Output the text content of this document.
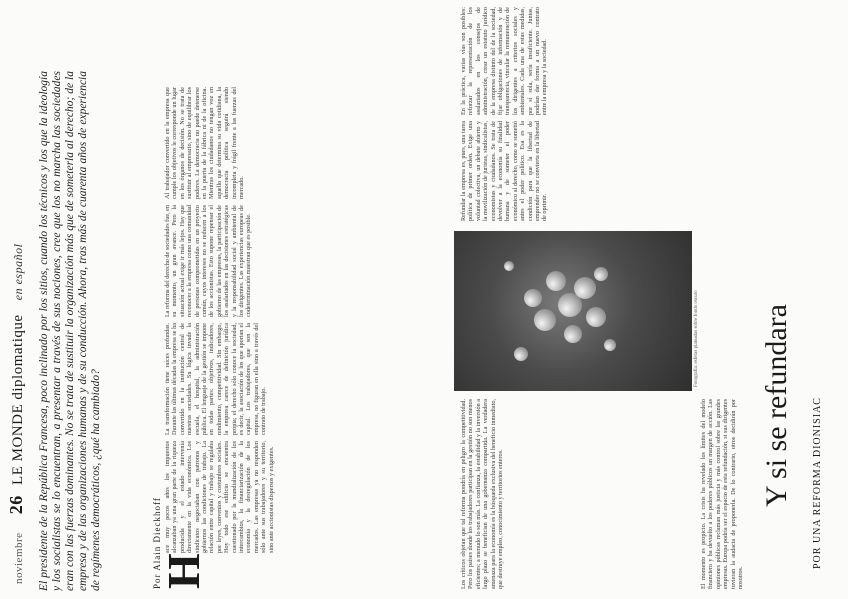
noviembre 26 LE MONDE diplomatique en español	El presidente de la República Francesa, poco inclinado por los sitios, cuando los técnicos y los que la ideología y los socialistas se lo encuentran, a presentar a través de sus nociones, cree que los no marcha las sociedades eran con las fuerzas dominantes. No se trata de sustituir la organización más que de someterla al derecho; de la empresa y de las organizaciones humanas y de su conducción. Ahora, tras más de cuarenta años de experiencia de regímenes democráticos, ¿qué ha cambiado?	Por Alain Dieckhoff
H
ace muy pocos años los impuestos alcanzaban ya una gran parte de la riqueza producida y el estado intervenía directamente en la vida económica. Los sindicatos negociaban con patronos y gobiernos las condiciones de trabajo. La relación entre capital y trabajo se regulaba por leyes, convenios y costumbres sociales. Hoy todo ese edificio se encuentra cuestionado por la mundialización de los intercambios, la financiarización de la economía y la desregulación de los mercados. Las empresas ya no responden sólo ante sus trabajadores y su territorio, sino ante accionistas dispersos y exigentes.
La transformación tiene raíces profundas. Durante las últimas décadas la empresa se ha convertido en la institución central de nuestras sociedades. Su lógica invade la escuela, el hospital, la administración pública. El lenguaje de la gestión se impone en todas partes: objetivos, indicadores, rendimiento, competitividad. Sin embargo, la empresa carece de definición jurídica propia; el derecho sólo conoce la sociedad, es decir, la asociación de los que aportan el capital. Los trabajadores, que son la empresa, no figuran en ella sino a través del contrato de trabajo.
La reforma del derecho de sociedades fue, en su momento, un gran avance. Pero la situación actual exige ir más lejos. Hay que reconocer a la empresa como una comunidad de personas comprometidas en un proyecto común, cuyos intereses no se reducen a los de los accionistas. Esto supone repensar el gobierno de las empresas, la participación de los asalariados en las decisiones estratégicas y la responsabilidad social y ambiental de los dirigentes. Las experiencias europeas de codeterminación muestran que es posible.
Al trabajador convertido en la empresa que cumple los objetivos le corresponde un lugar en los órganos de decisión. No se trata de sustituir al empresario, sino de equilibrar los poderes. La democracia no puede detenerse en la puerta de la fábrica ni de la oficina. Mientras los ciudadanos no tengan voz en aquello que determina su vida cotidiana, la democracia política seguirá siendo incompleta y frágil frente a las fuerzas del mercado.
Los críticos objetan que tal reforma pondría en peligro la competitividad. Pero los países donde los trabajadores participan en la gestión no son menos eficientes; a menudo lo son más. La confianza, la estabilidad y la inversión a largo plazo se benefician de una gobernanza compartida. La verdadera amenaza para la economía es la búsqueda exclusiva del beneficio inmediato, que destruye empleo, conocimiento y territorios enteros.
Refundar la empresa es, pues, una tarea política de primer orden. Exige una voluntad colectiva, un debate abierto y la movilización de juristas, sindicalistas, economistas y ciudadanos. Se trata de devolver a la economía su finalidad humana y de someter el poder económico al derecho, como se sometió antes el poder político. Esa es la condición para que la libertad de emprender no se convierta en la libertad de oprimir.
En la práctica, varias vías son posibles: reforzar la representación de los asalariados en los consejos de administración, crear un estatuto jurídico de la empresa distinto del de la sociedad, fijar obligaciones de información y de transparencia, vincular la remuneración de los dirigentes a criterios sociales y ambientales. Cada una de estas medidas, por sí sola, sería insuficiente. Juntas, podrían dar forma a un nuevo contrato entre la empresa y la sociedad.
El momento es propicio. La crisis ha revelado los límites del modelo financiero y ha devuelto a los poderes públicos un margen de acción. Las opiniones públicas reclaman más justicia y más control sobre las grandes empresas. Europa podría ser el espacio de esta refundación, si sus dirigentes tuvieran la audacia de proponerla. De lo contrario, otros decidirán por nosotros.
Fotografía: esferas plateadas sobre fondo oscuro Y si se refundara POR UNA REFORMA DIONISIAC
